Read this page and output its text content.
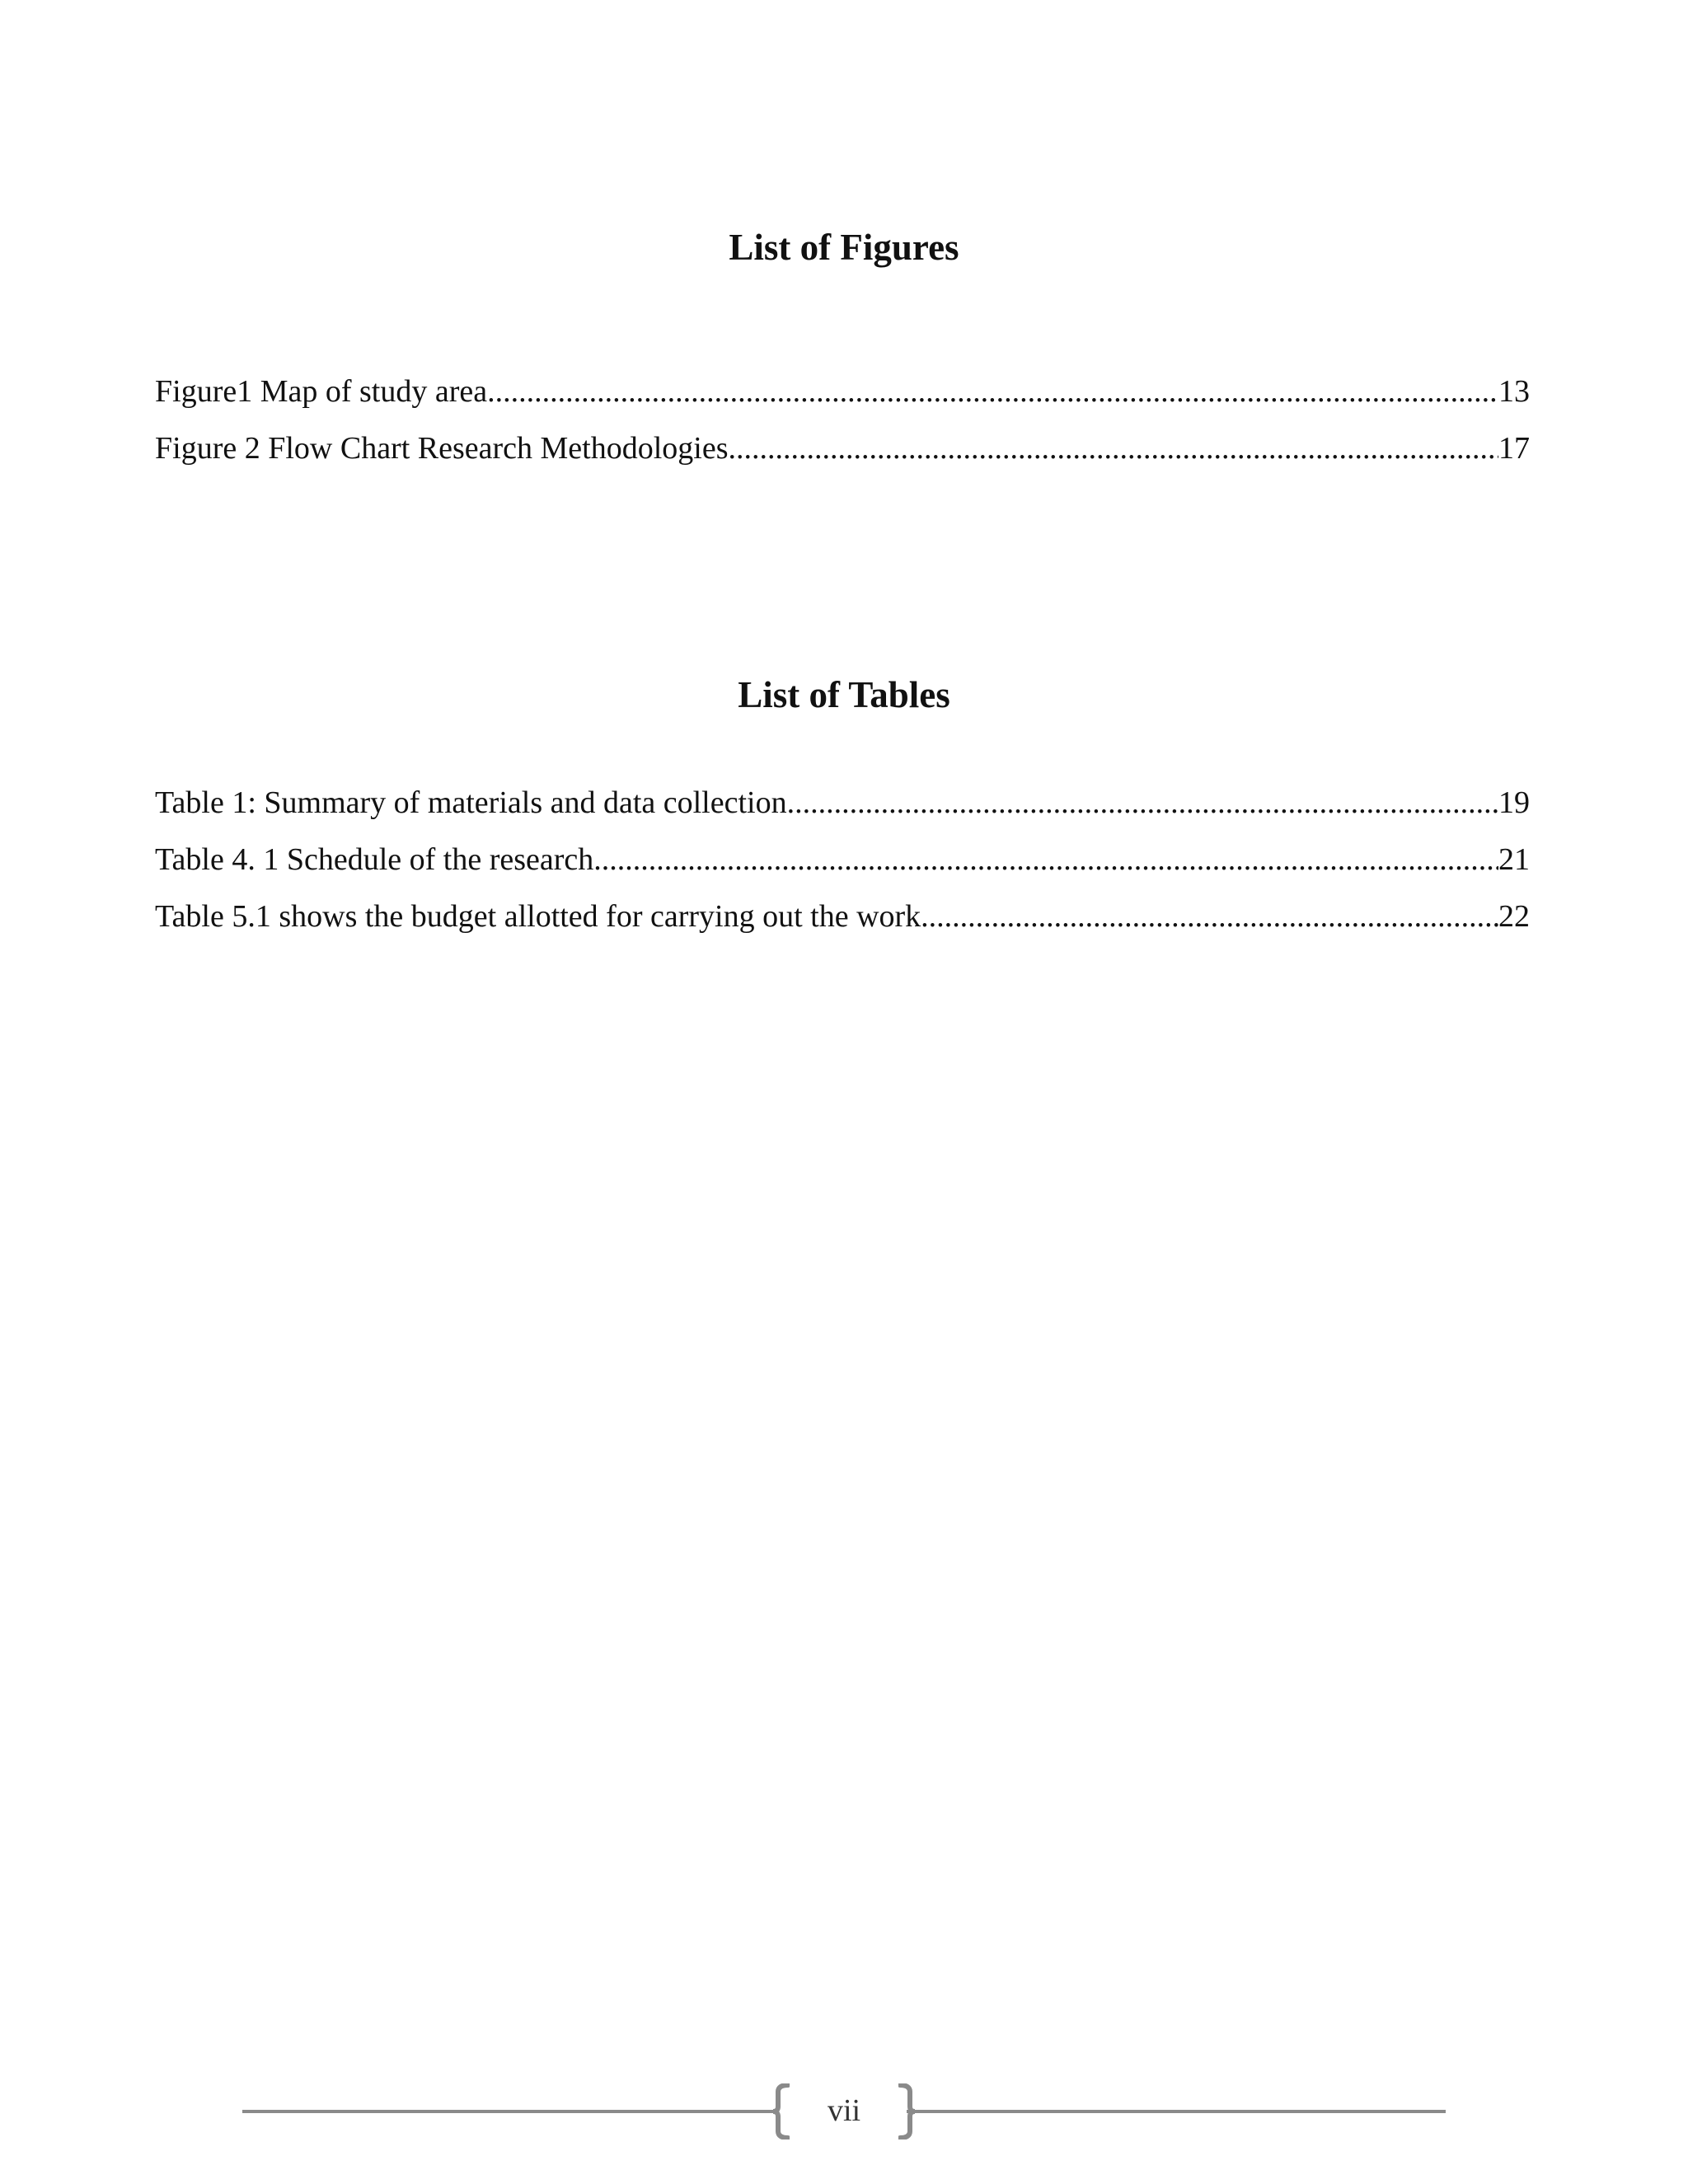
List of Figures
Figure1 Map of study area .....	13
Figure 2 Flow Chart Research Methodologies .....	17
List of Tables
Table 1: Summary of materials and data collection .....	19
Table 4. 1 Schedule of the research .....	21
Table 5.1 shows the budget allotted for carrying out the work. .....	22
vii
